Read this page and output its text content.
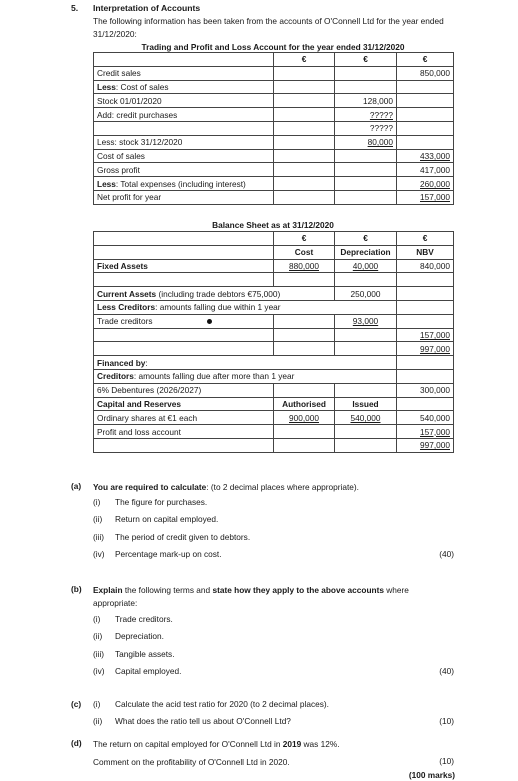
5. Interpretation of Accounts
The following information has been taken from the accounts of O'Connell Ltd for the year ended 31/12/2020:
Trading and Profit and Loss Account for the year ended 31/12/2020
	€	€	€
Credit sales			850,000
Less: Cost of sales			
Stock 01/01/2020		128,000	
Add: credit purchases		?????	
		?????	
Less: stock 31/12/2020		80,000	
Cost of sales			433,000
Gross profit			417,000
Less: Total expenses (including interest)			260,000
Net profit for year			157,000
Balance Sheet as at 31/12/2020
	€	€	€
	Cost	Depreciation	NBV
Fixed Assets	880,000	40,000	840,000

Current Assets (including trade debtors €75,000)		250,000	
Less Creditors: amounts falling due within 1 year			
Trade creditors		93,000	
			157,000
			997,000
Financed by:			
Creditors: amounts falling due after more than 1 year			
6% Debentures (2026/2027)			300,000
Capital and Reserves	Authorised	Issued	
Ordinary shares at €1 each	900,000	540,000	540,000
Profit and loss account			157,000
			997,000
(a) You are required to calculate: (to 2 decimal places where appropriate).
(i)	The figure for purchases.
(ii)	Return on capital employed.
(iii)	The period of credit given to debtors.
(iv)	Percentage mark-up on cost.	(40)
(b) Explain the following terms and state how they apply to the above accounts where appropriate:
(i)	Trade creditors.
(ii)	Depreciation.
(iii)	Tangible assets.
(iv)	Capital employed.	(40)
(c) (i)	Calculate the acid test ratio for 2020 (to 2 decimal places).
(ii)	What does the ratio tell us about O'Connell Ltd?	(10)
(d) The return on capital employed for O'Connell Ltd in 2019 was 12%.
Comment on the profitability of O'Connell Ltd in 2020.	(10)
(100 marks)
